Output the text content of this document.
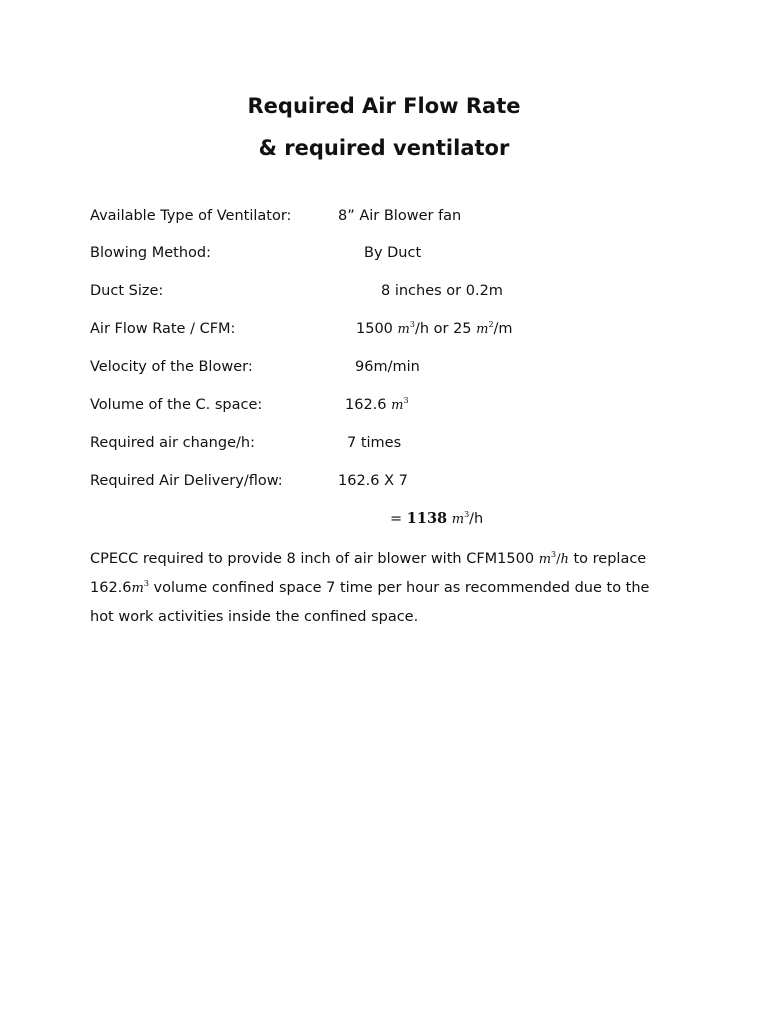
Required Air Flow Rate
& required ventilator
Available Type of Ventilator:	8” Air Blower fan
Blowing Method:	By Duct
Duct Size:	8 inches or 0.2m
Air Flow Rate / CFM:	1500 $m^3/h$ or 25 $m^2/m$
Velocity of the Blower:	96m/min
Volume of the C. space:	162.6 $m^3$
Required air change/h:	7 times
Required Air Delivery/flow:	162.6 X 7
= 1138 $m^3/h$

CPECC required to provide 8 inch of air blower with CFM1500 $m^3/h$ to replace
$162.6m^3$ volume confined space 7 time per hour as recommended due to the
hot work activities inside the confined space.
